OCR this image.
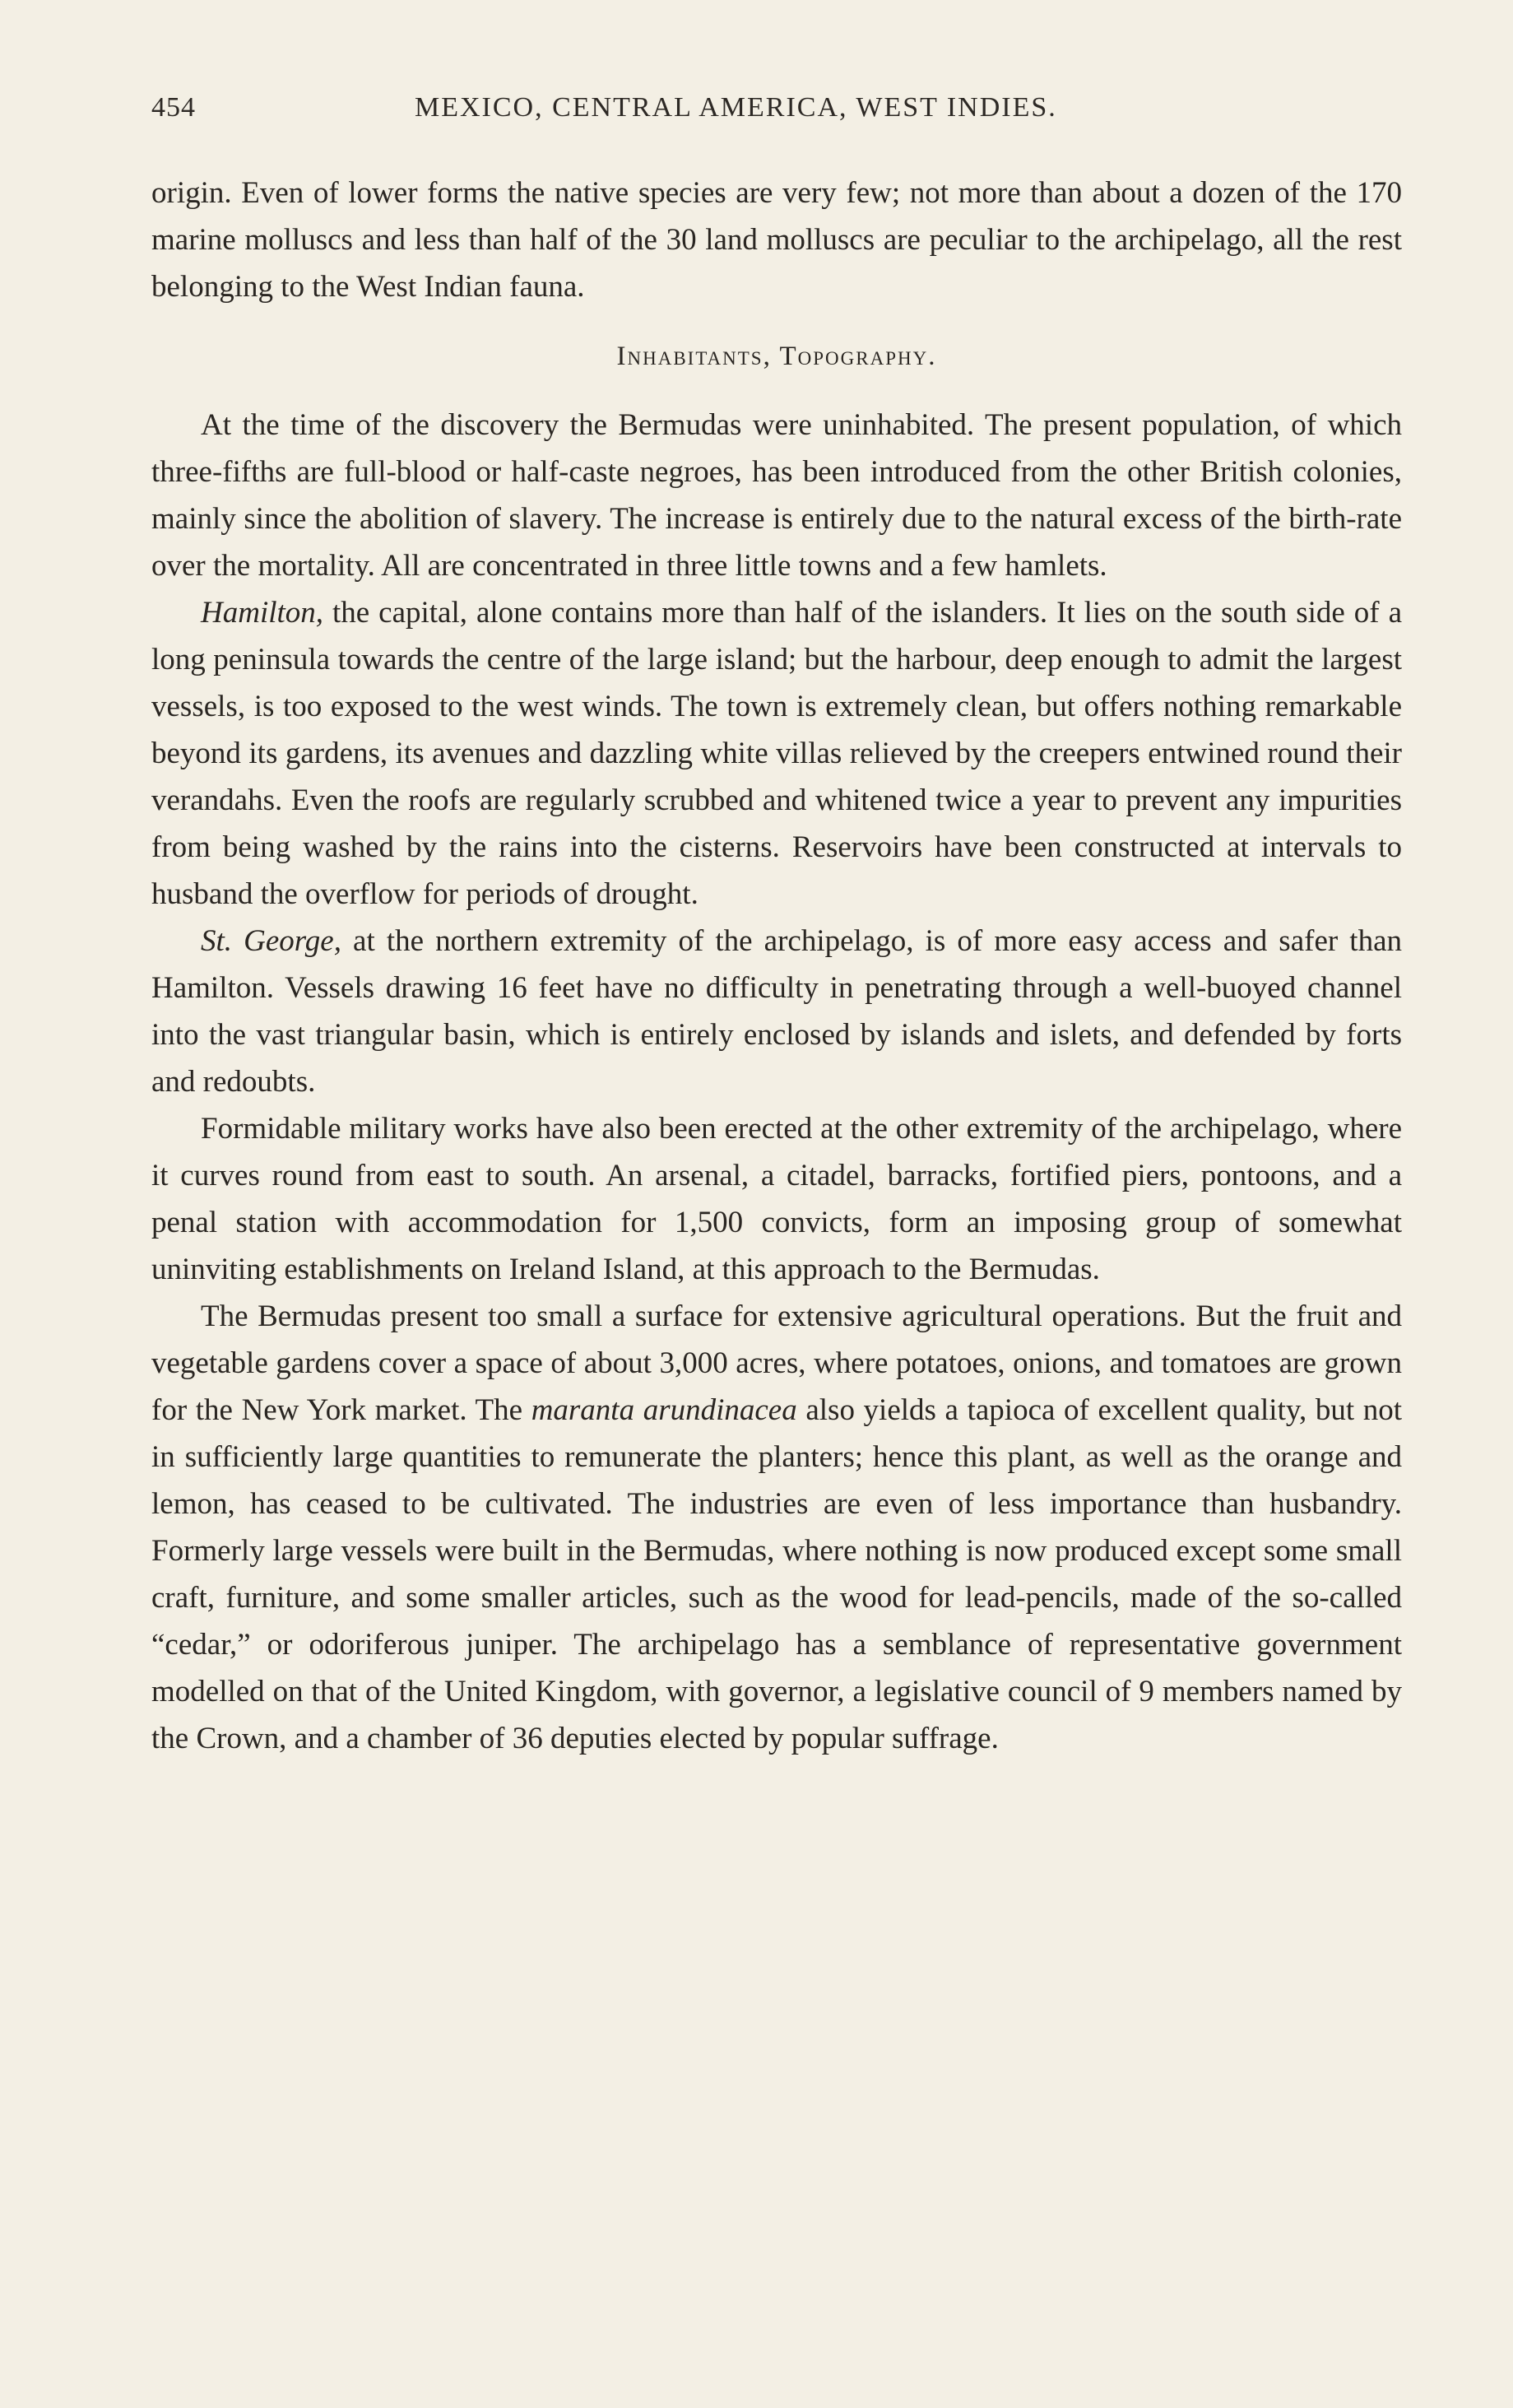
454	MEXICO, CENTRAL AMERICA, WEST INDIES.

origin. Even of lower forms the native species are very few; not more than about a dozen of the 170 marine molluscs and less than half of the 30 land molluscs are peculiar to the archipelago, all the rest belonging to the West Indian fauna.

Inhabitants, Topography.

At the time of the discovery the Bermudas were uninhabited. The present population, of which three-fifths are full-blood or half-caste negroes, has been introduced from the other British colonies, mainly since the abolition of slavery. The increase is entirely due to the natural excess of the birth-rate over the mortality. All are concentrated in three little towns and a few hamlets.

Hamilton, the capital, alone contains more than half of the islanders. It lies on the south side of a long peninsula towards the centre of the large island; but the harbour, deep enough to admit the largest vessels, is too exposed to the west winds. The town is extremely clean, but offers nothing remarkable beyond its gardens, its avenues and dazzling white villas relieved by the creepers entwined round their verandahs. Even the roofs are regularly scrubbed and whitened twice a year to prevent any impurities from being washed by the rains into the cisterns. Reservoirs have been constructed at intervals to husband the overflow for periods of drought.

St. George, at the northern extremity of the archipelago, is of more easy access and safer than Hamilton. Vessels drawing 16 feet have no difficulty in penetrating through a well-buoyed channel into the vast triangular basin, which is entirely enclosed by islands and islets, and defended by forts and redoubts.

Formidable military works have also been erected at the other extremity of the archipelago, where it curves round from east to south. An arsenal, a citadel, barracks, fortified piers, pontoons, and a penal station with accommodation for 1,500 convicts, form an imposing group of somewhat uninviting establishments on Ireland Island, at this approach to the Bermudas.

The Bermudas present too small a surface for extensive agricultural operations. But the fruit and vegetable gardens cover a space of about 3,000 acres, where potatoes, onions, and tomatoes are grown for the New York market. The maranta arundinacea also yields a tapioca of excellent quality, but not in sufficiently large quantities to remunerate the planters; hence this plant, as well as the orange and lemon, has ceased to be cultivated. The industries are even of less importance than husbandry. Formerly large vessels were built in the Bermudas, where nothing is now produced except some small craft, furniture, and some smaller articles, such as the wood for lead-pencils, made of the so-called “cedar,” or odoriferous juniper. The archipelago has a semblance of representative government modelled on that of the United Kingdom, with governor, a legislative council of 9 members named by the Crown, and a chamber of 36 deputies elected by popular suffrage.
